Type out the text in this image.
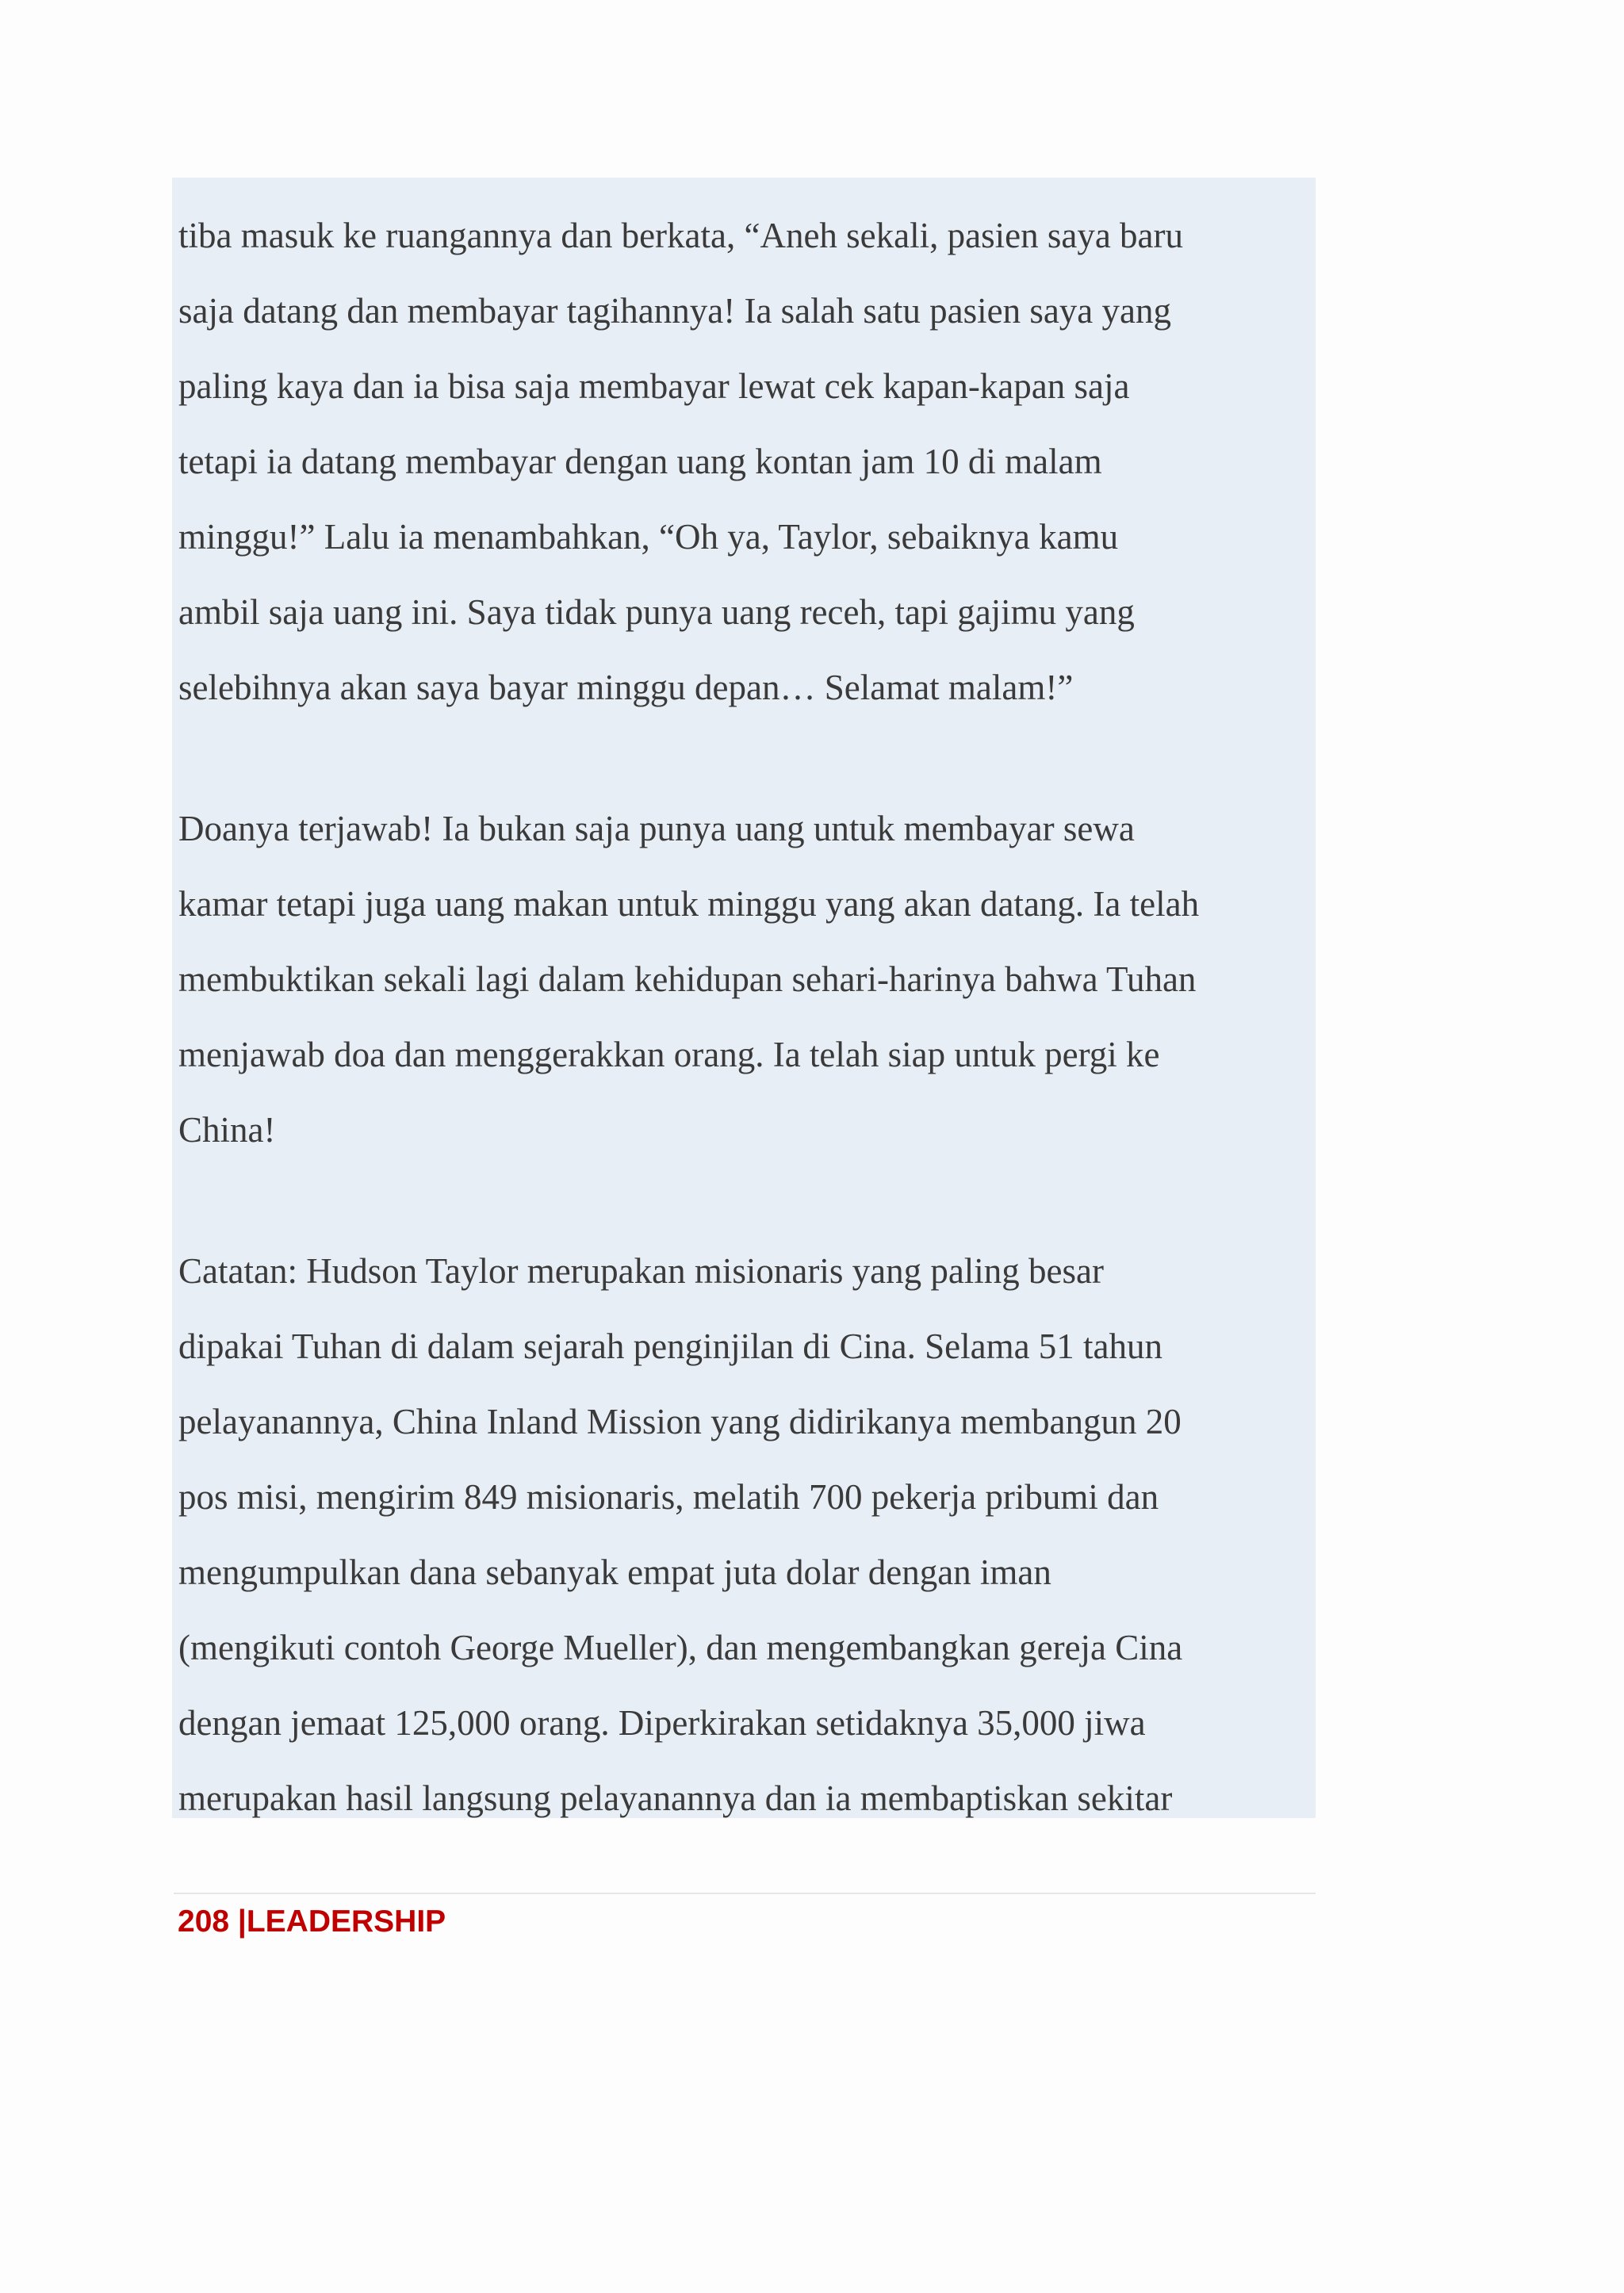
tiba masuk ke ruangannya dan berkata, “Aneh sekali, pasien saya baru
saja datang dan membayar tagihannya! Ia salah satu pasien saya yang
paling kaya dan ia bisa saja membayar lewat cek kapan-kapan saja
tetapi ia datang membayar dengan uang kontan jam 10 di malam
minggu!” Lalu ia menambahkan, “Oh ya, Taylor, sebaiknya kamu
ambil saja uang ini. Saya tidak punya uang receh, tapi gajimu yang
selebihnya akan saya bayar minggu depan… Selamat malam!”

Doanya terjawab! Ia bukan saja punya uang untuk membayar sewa
kamar tetapi juga uang makan untuk minggu yang akan datang. Ia telah
membuktikan sekali lagi dalam kehidupan sehari-harinya bahwa Tuhan
menjawab doa dan menggerakkan orang. Ia telah siap untuk pergi ke
China!

Catatan: Hudson Taylor merupakan misionaris yang paling besar
dipakai Tuhan di dalam sejarah penginjilan di Cina. Selama 51 tahun
pelayanannya, China Inland Mission yang didirikanya membangun 20
pos misi, mengirim 849 misionaris, melatih 700 pekerja pribumi dan
mengumpulkan dana sebanyak empat juta dolar dengan iman
(mengikuti contoh George Mueller), dan mengembangkan gereja Cina
dengan jemaat 125,000 orang. Diperkirakan setidaknya 35,000 jiwa
merupakan hasil langsung pelayanannya dan ia membaptiskan sekitar

208 |LEADERSHIP
